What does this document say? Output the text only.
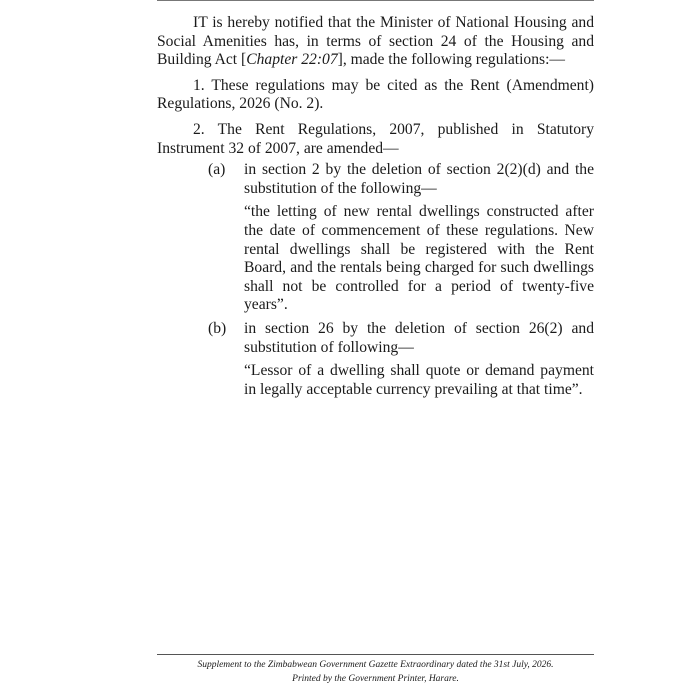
IT is hereby notified that the Minister of National Housing and Social Amenities has, in terms of section 24 of the Housing and Building Act [Chapter 22:07], made the following regulations:—

1. These regulations may be cited as the Rent (Amendment) Regulations, 2026 (No. 2).

2. The Rent Regulations, 2007, published in Statutory Instrument 32 of 2007, are amended—

(a)	in section 2 by the deletion of section 2(2)(d) and the substitution of the following—
“the letting of new rental dwellings constructed after the date of commencement of these regulations. New rental dwellings shall be registered with the Rent Board, and the rentals being charged for such dwellings shall not be controlled for a period of twenty-five years”.
(b)	in section 26 by the deletion of section 26(2) and substitution of following—
“Lessor of a dwelling shall quote or demand payment in legally acceptable currency prevailing at that time”.
Supplement to the Zimbabwean Government Gazette Extraordinary dated the 31st July, 2026.
Printed by the Government Printer, Harare.
